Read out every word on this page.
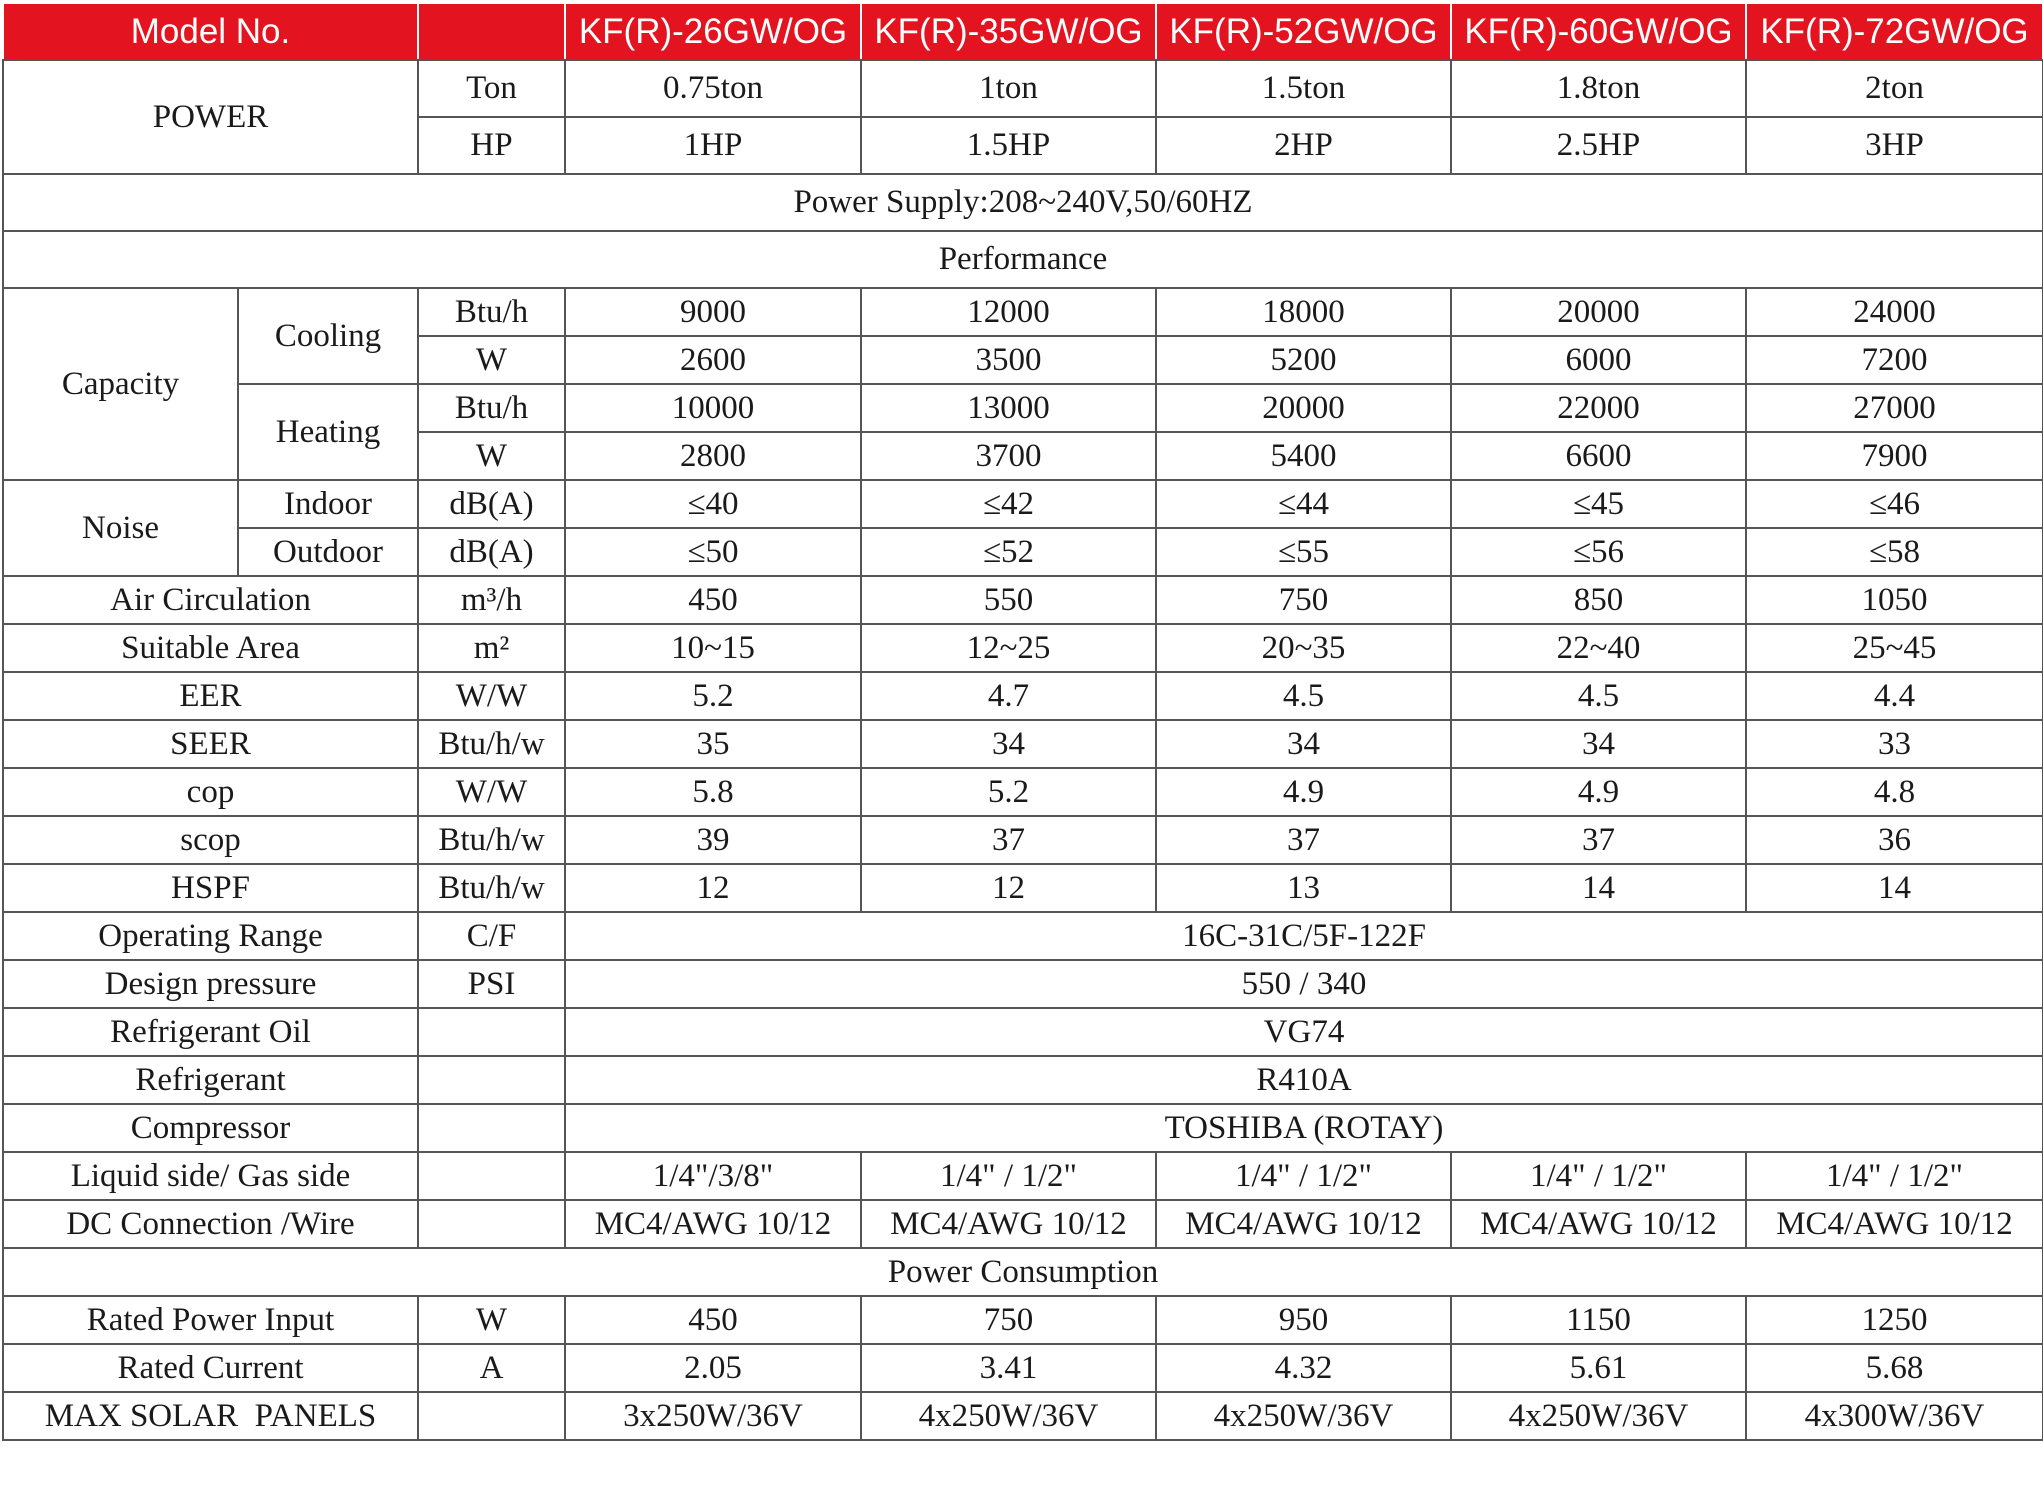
Model No.			KF(R)-26GW/OG	KF(R)-35GW/OG	KF(R)-52GW/OG	KF(R)-60GW/OG	KF(R)-72GW/OG
POWER		Ton	0.75ton	1ton	1.5ton	1.8ton	2ton
		HP	1HP	1.5HP	2HP	2.5HP	3HP
Power Supply:208~240V,50/60HZ							
Performance							
Capacity	Cooling	Btu/h	9000	12000	18000	20000	24000
		W	2600	3500	5200	6000	7200
	Heating	Btu/h	10000	13000	20000	22000	27000
		W	2800	3700	5400	6600	7900
Noise	Indoor	dB(A)	≤40	≤42	≤44	≤45	≤46
	Outdoor	dB(A)	≤50	≤52	≤55	≤56	≤58
Air Circulation		m³/h	450	550	750	850	1050
Suitable Area		m²	10~15	12~25	20~35	22~40	25~45
EER		W/W	5.2	4.7	4.5	4.5	4.4
SEER		Btu/h/w	35	34	34	34	33
cop		W/W	5.8	5.2	4.9	4.9	4.8
scop		Btu/h/w	39	37	37	37	36
HSPF		Btu/h/w	12	12	13	14	14
Operating Range		C/F	16C-31C/5F-122F				
Design pressure		PSI	550 / 340				
Refrigerant Oil			VG74				
Refrigerant			R410A				
Compressor			TOSHIBA (ROTAY)				
Liquid side/ Gas side			1/4"/3/8"	1/4" / 1/2"	1/4" / 1/2"	1/4" / 1/2"	1/4" / 1/2"
DC Connection /Wire			MC4/AWG 10/12	MC4/AWG 10/12	MC4/AWG 10/12	MC4/AWG 10/12	MC4/AWG 10/12
Power Consumption							
Rated Power Input		W	450	750	950	1150	1250
Rated Current		A	2.05	3.41	4.32	5.61	5.68
MAX SOLAR  PANELS			3x250W/36V	4x250W/36V	4x250W/36V	4x250W/36V	4x300W/36V
